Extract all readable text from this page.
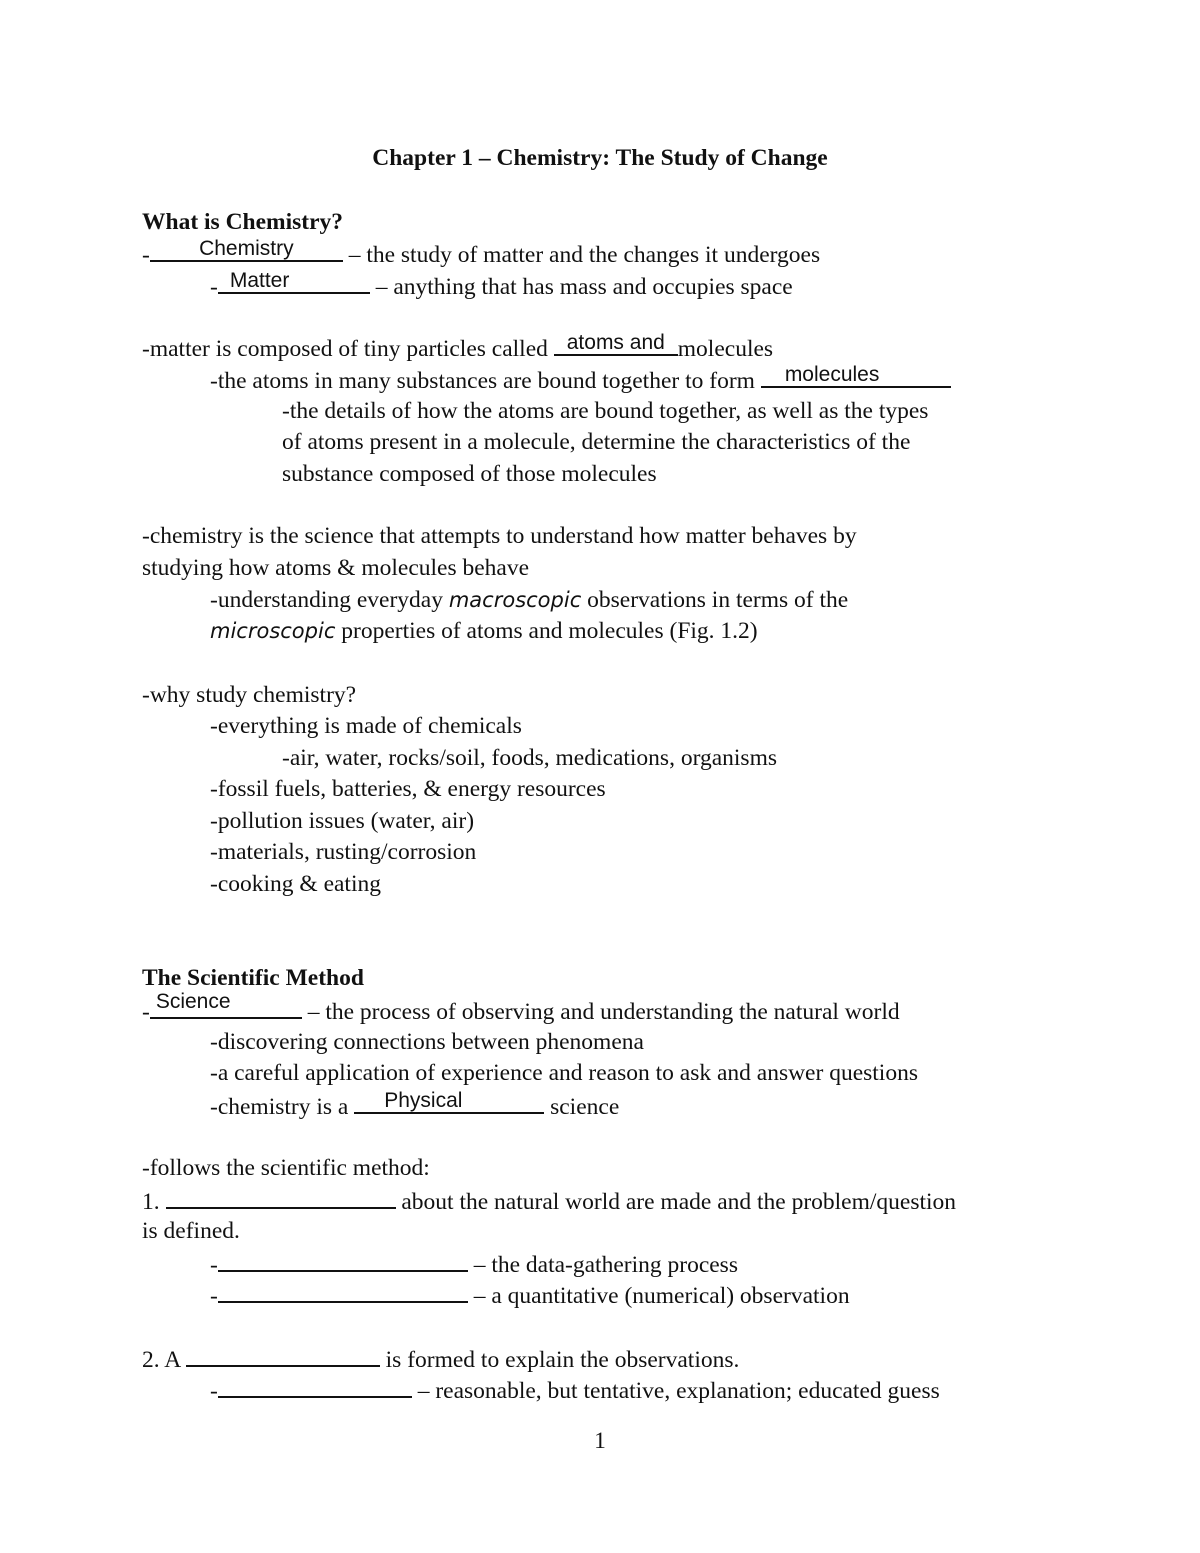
Chapter 1 – Chemistry: The Study of Change
What is Chemistry?
-	Chemistry	– the study of matter and the changes it undergoes
- Matter	– anything that has mass and occupies space
-matter is composed of tiny particles called atoms and molecules
-the atoms in many substances are bound together to form	molecules
-the details of how the atoms are bound together, as well as the types
of atoms present in a molecule, determine the characteristics of the
substance composed of those molecules
-chemistry is the science that attempts to understand how matter behaves by
studying how atoms & molecules behave
-understanding everyday macroscopic observations in terms of the
microscopic properties of atoms and molecules (Fig. 1.2)
-why study chemistry?
-everything is made of chemicals
-air, water, rocks/soil, foods, medications, organisms
-fossil fuels, batteries, & energy resources
-pollution issues (water, air)
-materials, rusting/corrosion
-cooking & eating
The Scientific Method
- Science	– the process of observing and understanding the natural world
-discovering connections between phenomena
-a careful application of experience and reason to ask and answer questions
-chemistry is a	Physical	science
-follows the scientific method:
1.	about the natural world are made and the problem/question
is defined.
-	– the data-gathering process
-	– a quantitative (numerical) observation
2. A	is formed to explain the observations.
-	– reasonable, but tentative, explanation; educated guess
1
